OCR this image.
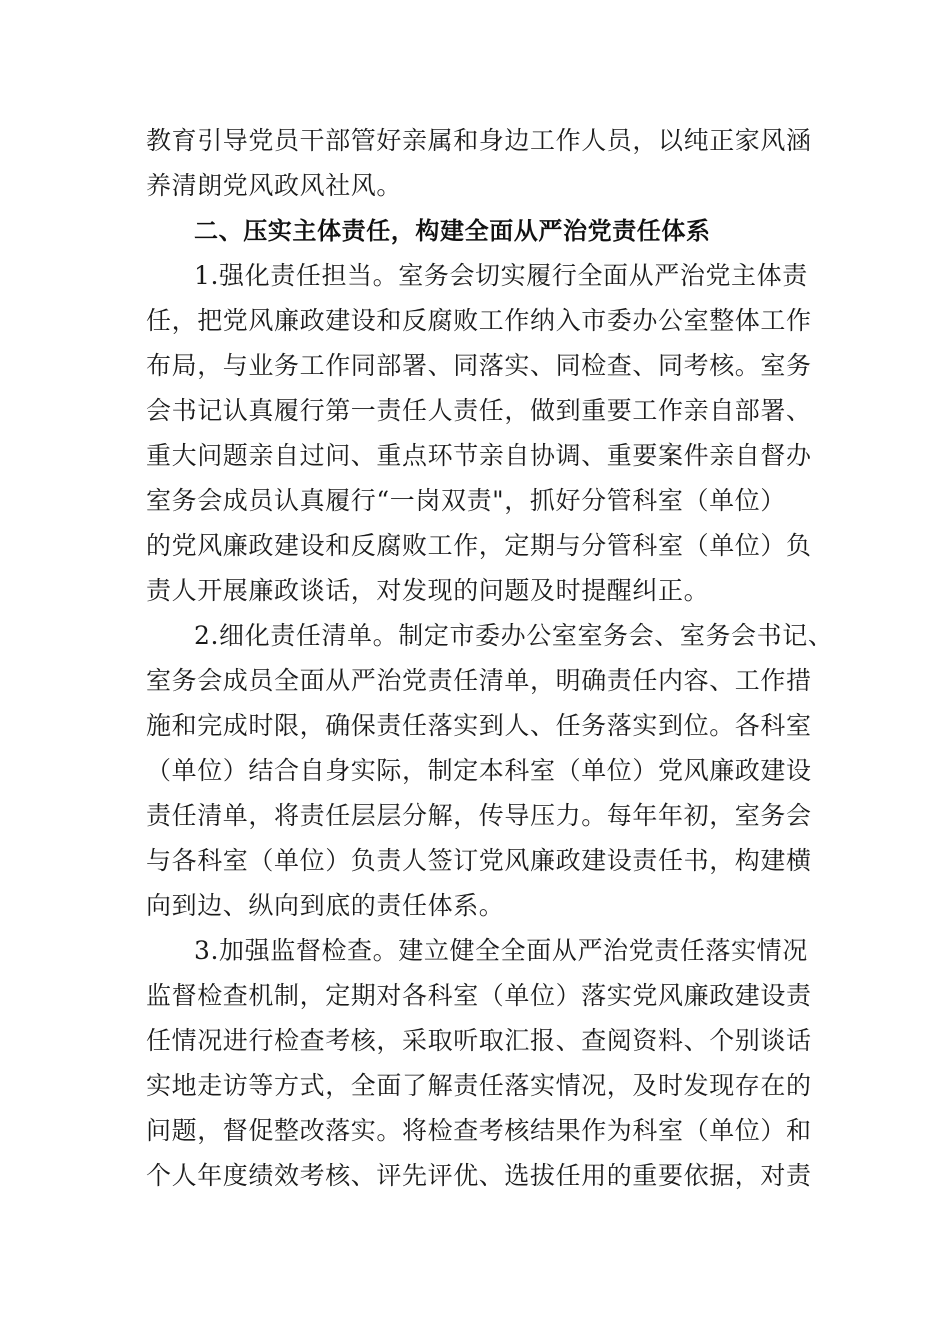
教育引导党员干部管好亲属和身边工作人员，以纯正家风涵
养清朗党风政风社风。
二、压实主体责任，构建全面从严治党责任体系
1.强化责任担当。室务会切实履行全面从严治党主体责
任，把党风廉政建设和反腐败工作纳入市委办公室整体工作
布局，与业务工作同部署、同落实、同检查、同考核。室务
会书记认真履行第一责任人责任，做到重要工作亲自部署、
重大问题亲自过问、重点环节亲自协调、重要案件亲自督办
室务会成员认真履行“一岗双责"，抓好分管科室（单位）
的党风廉政建设和反腐败工作，定期与分管科室（单位）负
责人开展廉政谈话，对发现的问题及时提醒纠正。
2.细化责任清单。制定市委办公室室务会、室务会书记、
室务会成员全面从严治党责任清单，明确责任内容、工作措
施和完成时限，确保责任落实到人、任务落实到位。各科室
（单位）结合自身实际，制定本科室（单位）党风廉政建设
责任清单，将责任层层分解，传导压力。每年年初，室务会
与各科室（单位）负责人签订党风廉政建设责任书，构建横
向到边、纵向到底的责任体系。
3.加强监督检查。建立健全全面从严治党责任落实情况
监督检查机制，定期对各科室（单位）落实党风廉政建设责
任情况进行检查考核，采取听取汇报、查阅资料、个别谈话
实地走访等方式，全面了解责任落实情况，及时发现存在的
问题，督促整改落实。将检查考核结果作为科室（单位）和
个人年度绩效考核、评先评优、选拔任用的重要依据，对责
